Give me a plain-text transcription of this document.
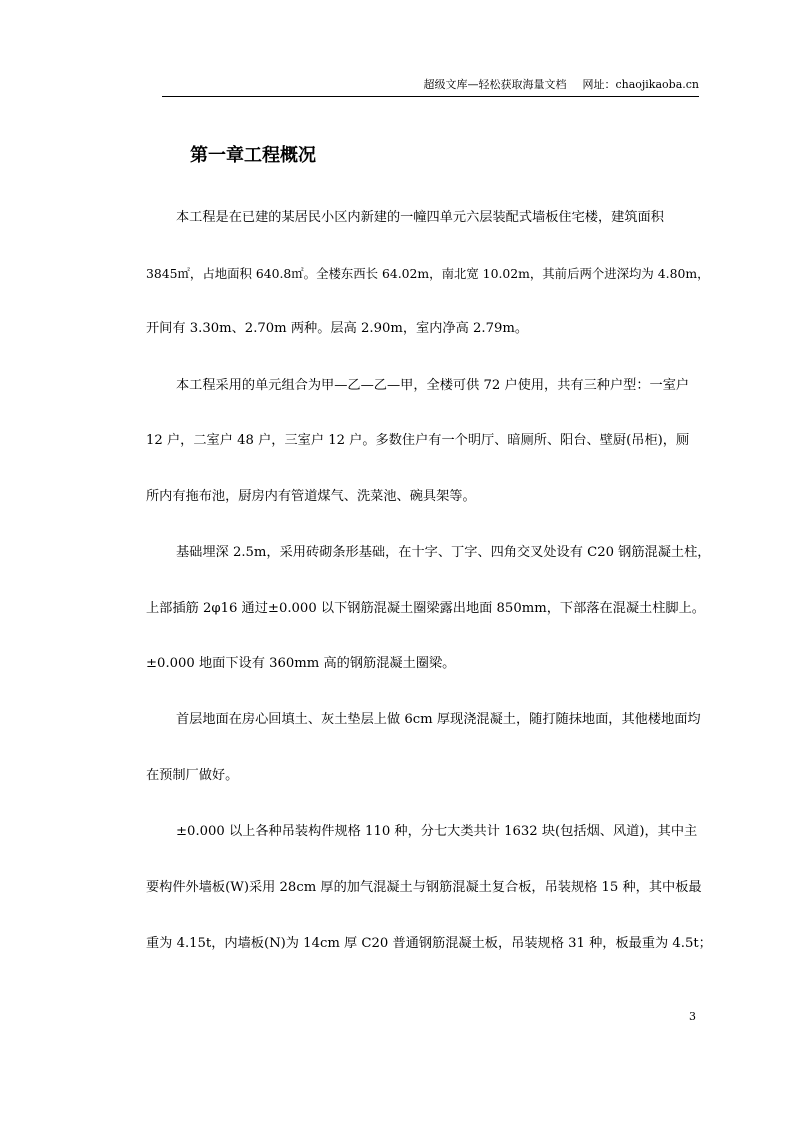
超级文库—轻松获取海量文档 网址：chaojikaoba.cn
第一章工程概况
本工程是在已建的某居民小区内新建的一幢四单元六层装配式墙板住宅楼，建筑面积
3845㎡，占地面积 640.8㎡。全楼东西长 64.02m，南北宽 10.02m，其前后两个进深均为 4.80m，
开间有 3.30m、2.70m 两种。层高 2.90m，室内净高 2.79m。
本工程采用的单元组合为甲—乙—乙—甲，全楼可供 72 户使用，共有三种户型：一室户
12 户，二室户 48 户，三室户 12 户。多数住户有一个明厅、暗厕所、阳台、壁厨(吊柜)，厕
所内有拖布池，厨房内有管道煤气、洗菜池、碗具架等。
基础埋深 2.5m，采用砖砌条形基础，在十字、丁字、四角交叉处设有 C20 钢筋混凝土柱，
上部插筋 2φ16 通过±0.000 以下钢筋混凝土圈梁露出地面 850mm，下部落在混凝土柱脚上。
±0.000 地面下设有 360mm 高的钢筋混凝土圈梁。
首层地面在房心回填土、灰土垫层上做 6cm 厚现浇混凝土，随打随抹地面，其他楼地面均
在预制厂做好。
±0.000 以上各种吊装构件规格 110 种，分七大类共计 1632 块(包括烟、风道)，其中主
要构件外墙板(W)采用 28cm 厚的加气混凝土与钢筋混凝土复合板，吊装规格 15 种，其中板最
重为 4.15t，内墙板(N)为 14cm 厚 C20 普通钢筋混凝土板，吊装规格 31 种，板最重为 4.5t；
3
